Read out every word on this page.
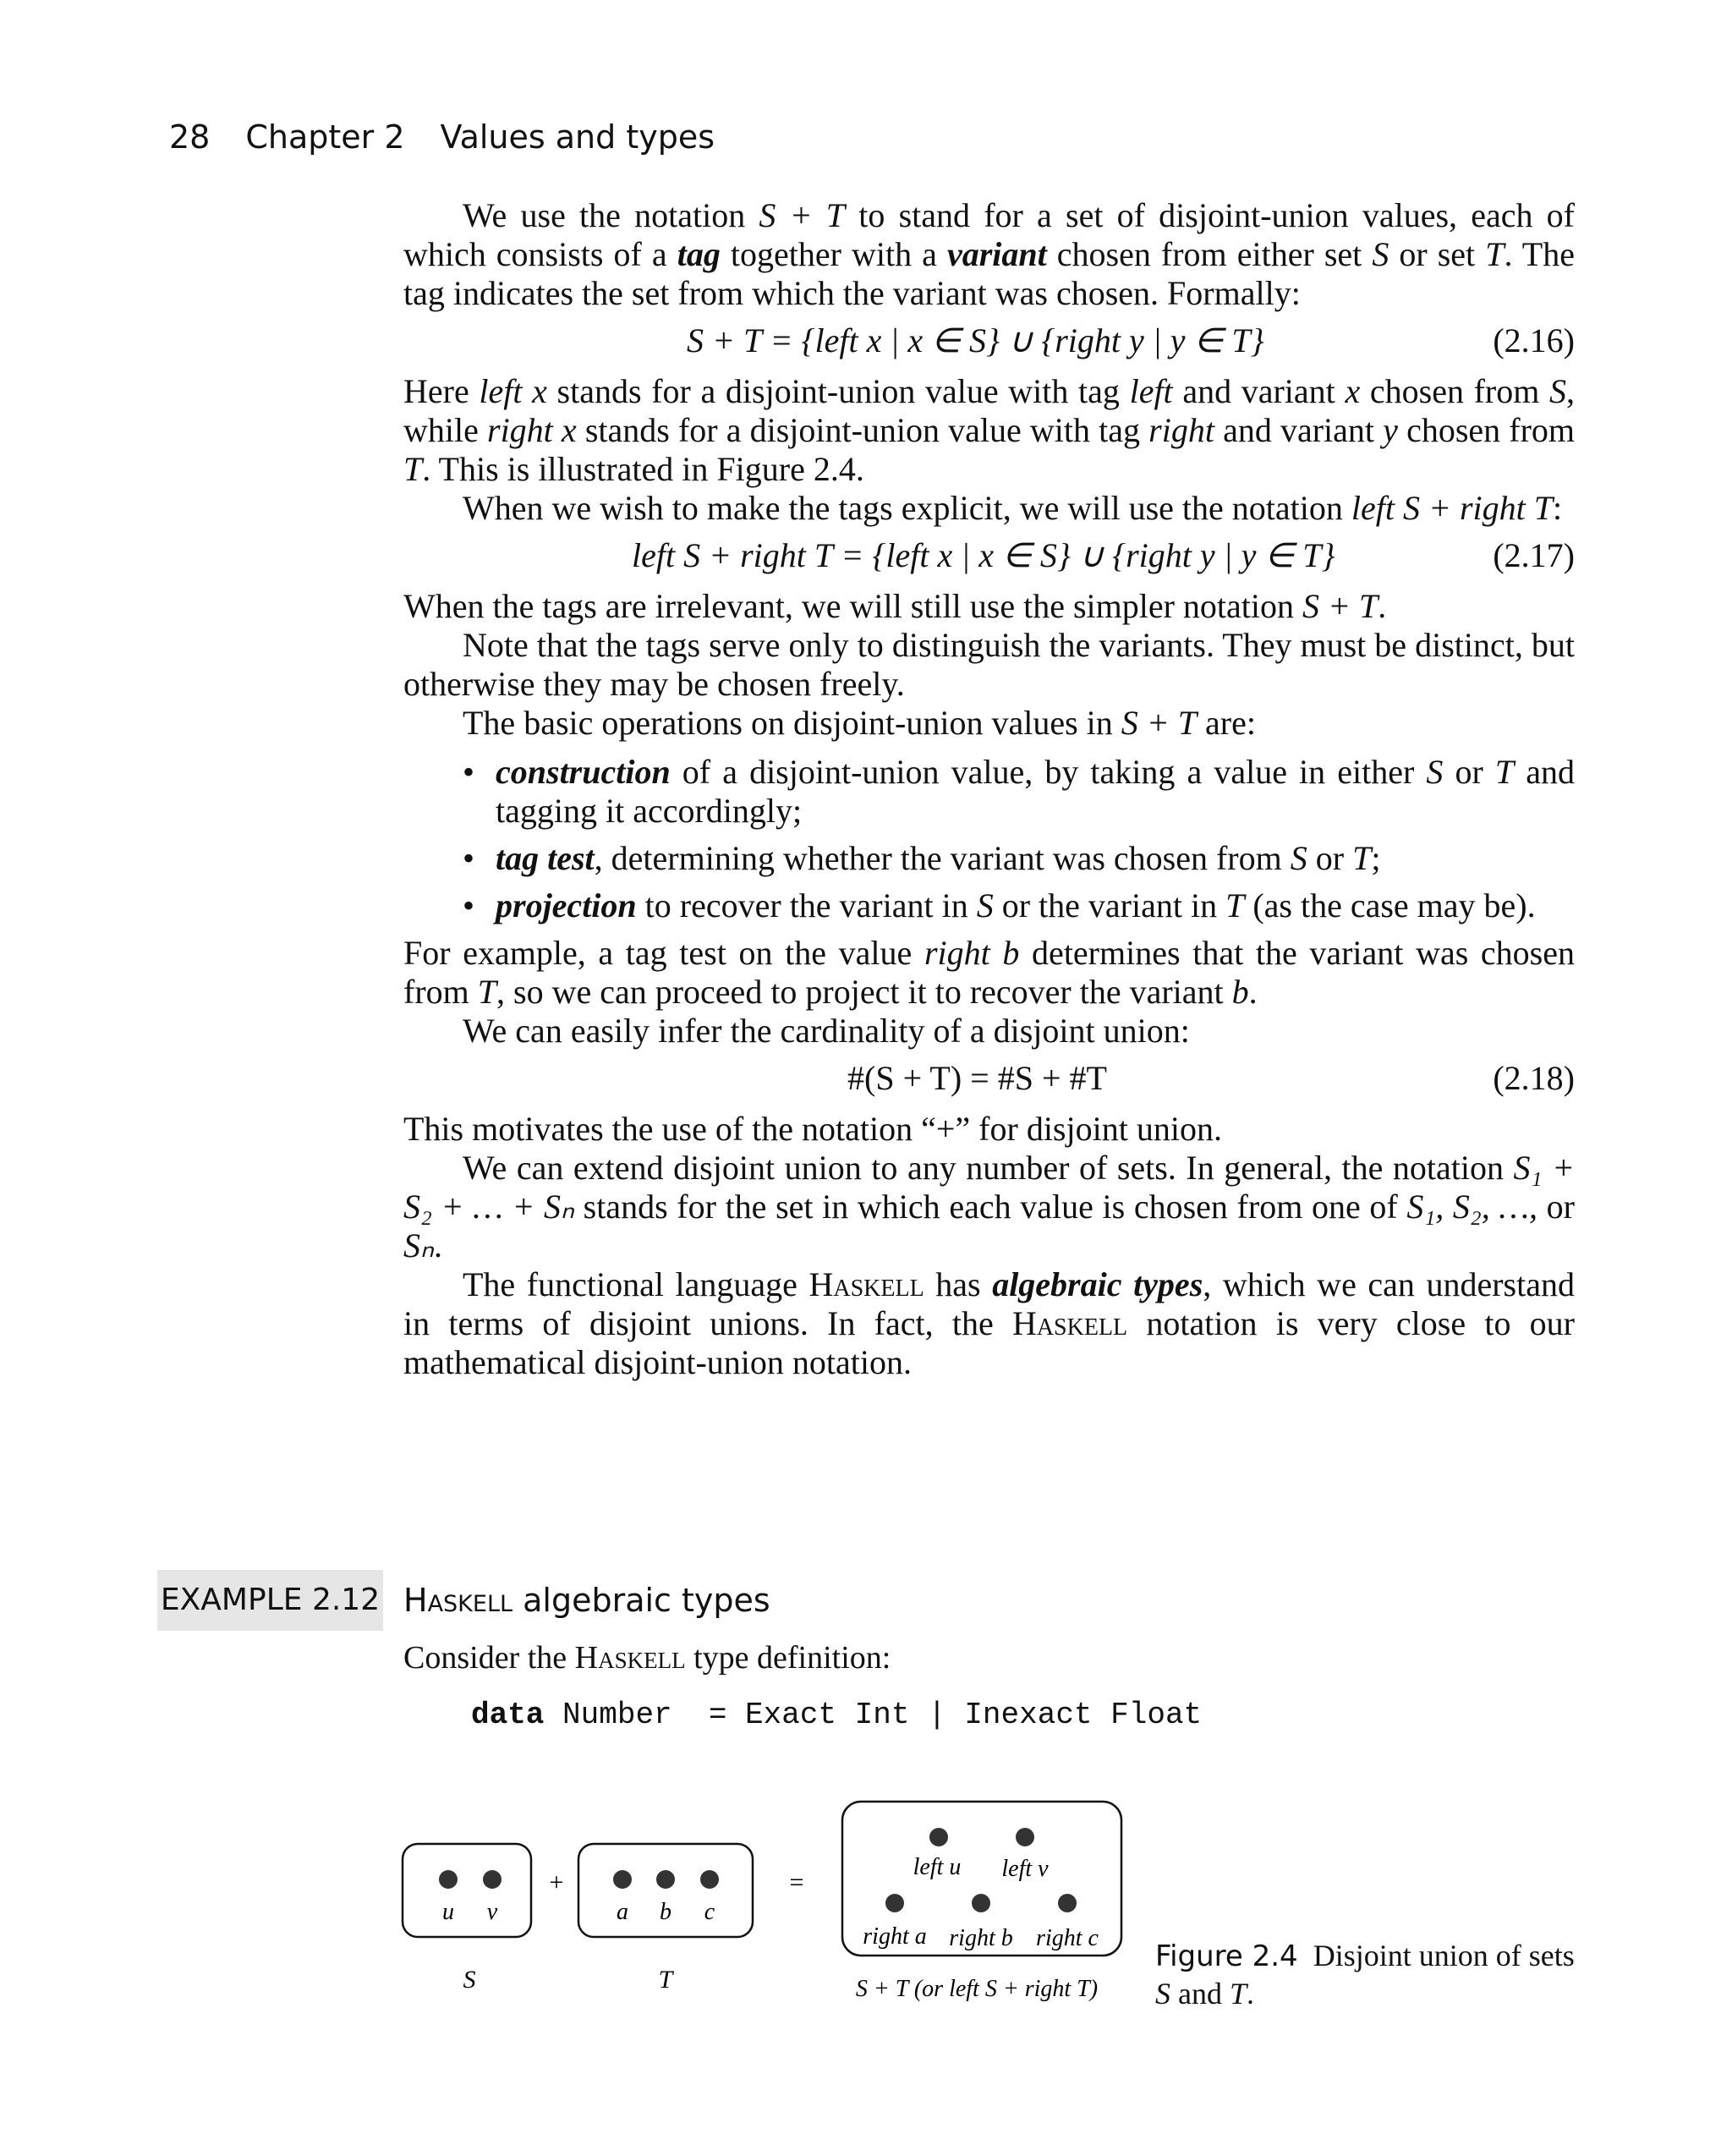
28 Chapter 2 Values and types

We use the notation S + T to stand for a set of disjoint-union values, each of which consists of a tag together with a variant chosen from either set S or set T. The tag indicates the set from which the variant was chosen. Formally:

S + T = {left x | x ∈ S} ∪ {right y | y ∈ T}	(2.16)

Here left x stands for a disjoint-union value with tag left and variant x chosen from S, while right x stands for a disjoint-union value with tag right and variant y chosen from T. This is illustrated in Figure 2.4.

When we wish to make the tags explicit, we will use the notation left S + right T:

left S + right T = {left x | x ∈ S} ∪ {right y | y ∈ T}	(2.17)

When the tags are irrelevant, we will still use the simpler notation S + T.

Note that the tags serve only to distinguish the variants. They must be distinct, but otherwise they may be chosen freely.

The basic operations on disjoint-union values in S + T are:

• construction of a disjoint-union value, by taking a value in either S or T and tagging it accordingly;
• tag test, determining whether the variant was chosen from S or T;
• projection to recover the variant in S or the variant in T (as the case may be).

For example, a tag test on the value right b determines that the variant was chosen from T, so we can proceed to project it to recover the variant b.

We can easily infer the cardinality of a disjoint union:

#(S + T) = #S + #T	(2.18)

This motivates the use of the notation “+” for disjoint union.

We can extend disjoint union to any number of sets. In general, the notation S₁ + S₂ + … + Sₙ stands for the set in which each value is chosen from one of S₁, S₂, …, or Sₙ.

The functional language Haskell has algebraic types, which we can understand in terms of disjoint unions. In fact, the Haskell notation is very close to our mathematical disjoint-union notation.

EXAMPLE 2.12 Haskell algebraic types
Consider the Haskell type definition:
data Number  = Exact Int | Inexact Float
u v
S
+
a b c
T
=
left u left v
right a right b right c
S + T (or left S + right T)
Figure 2.4 Disjoint union of sets
S and T.
